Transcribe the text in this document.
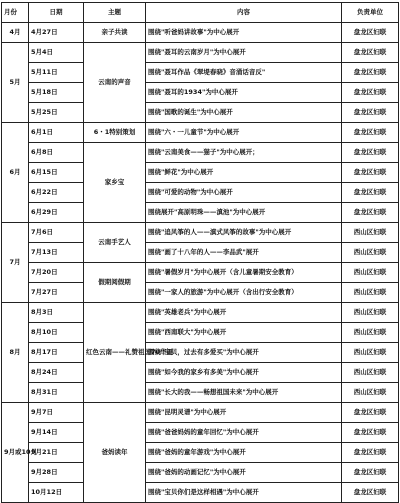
月份	日期	主题	内容	负责单位
4月	4月27日	亲子共读	围绕"听爸妈讲故事"为中心展开	盘龙区妇联
5月	5月4日	云南的声音	围绕"聂耳的云南岁月"为中心展开	盘龙区妇联
	5月11日		围绕"聂耳作品《翠堤春晓》音涌话音反"	盘龙区妇联
	5月18日		围绕"聂耳的1934"为中心展开	盘龙区妇联
	5月25日		围绕"国歌的诞生"为中心展开	盘龙区妇联
6月	6月1日	6・1特别策划	围绕"六・一儿童节"为中心展开	盘龙区妇联
	6月8日	家乡宝	围绕"云南美食——猫子"为中心展开；	盘龙区妇联
	6月15日		围绕"鲜花"为中心展开	盘龙区妇联
	6月22日		围绕"可爱的动物"为中心展开	盘龙区妇联
	6月29日		围绕展开"高原明珠——滇池"为中心展开	盘龙区妇联
7月	7月6日	云南手艺人	围绕"追风筝的人——滇式风筝的故事"为中心展开	西山区妇联
	7月13日		围绕"画了十八年的人——李品武"展开	西山区妇联
	7月20日	假期阅假期	围绕"暑假岁月"为中心展开（含儿童暑期安全教育）	西山区妇联
	7月27日		围绕"一家人的旅游"为中心展开（含出行安全教育）	西山区妇联
8月	8月3日	红色云南——礼赞祖国70华诞	围绕"英雄老兵"为中心展开	西山区妇联
	8月10日		围绕"西南联大"为中心展开	西山区妇联
	8月17日		围绕"宝贝，过去有多爱买"为中心展开	西山区妇联
	8月24日		围绕"如今我的家乡有多美"为中心展开	西山区妇联
	8月31日		围绕"长大的我——畅想祖国未来"为中心展开	西山区妇联
9月或10月	9月7日	爸妈读年	围绕"昆明灵谱"为中心展开	盘龙区妇联
	9月14日		围绕"爸爸妈妈的童年回忆"为中心展开	盘龙区妇联
	9月21日		围绕"爸妈的童年游戏"为中心展开	盘龙区妇联
	9月28日		围绕"爸妈的动画记忆"为中心展开	盘龙区妇联
	10月12日		围绕"宝贝你们是这样相遇"为中心展开	盘龙区妇联
